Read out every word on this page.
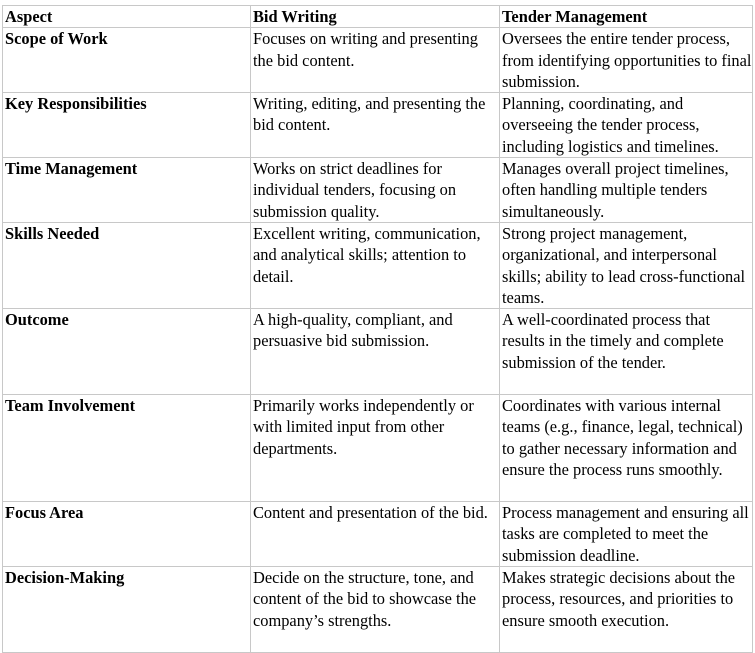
Aspect	Bid Writing	Tender Management
Scope of Work	Focuses on writing and presenting the bid content.	Oversees the entire tender process, from identifying opportunities to final submission.
Key Responsibilities	Writing, editing, and presenting the bid content.	Planning, coordinating, and overseeing the tender process, including logistics and timelines.
Time Management	Works on strict deadlines for individual tenders, focusing on submission quality.	Manages overall project timelines, often handling multiple tenders simultaneously.
Skills Needed	Excellent writing, communication, and analytical skills; attention to detail.	Strong project management, organizational, and interpersonal skills; ability to lead cross-functional teams.
Outcome	A high-quality, compliant, and persuasive bid submission.	A well-coordinated process that results in the timely and complete submission of the tender.
Team Involvement	Primarily works independently or with limited input from other departments.	Coordinates with various internal teams (e.g., finance, legal, technical) to gather necessary information and ensure the process runs smoothly.
Focus Area	Content and presentation of the bid.	Process management and ensuring all tasks are completed to meet the submission deadline.
Decision-Making	Decide on the structure, tone, and content of the bid to showcase the company’s strengths.	Makes strategic decisions about the process, resources, and priorities to ensure smooth execution.
